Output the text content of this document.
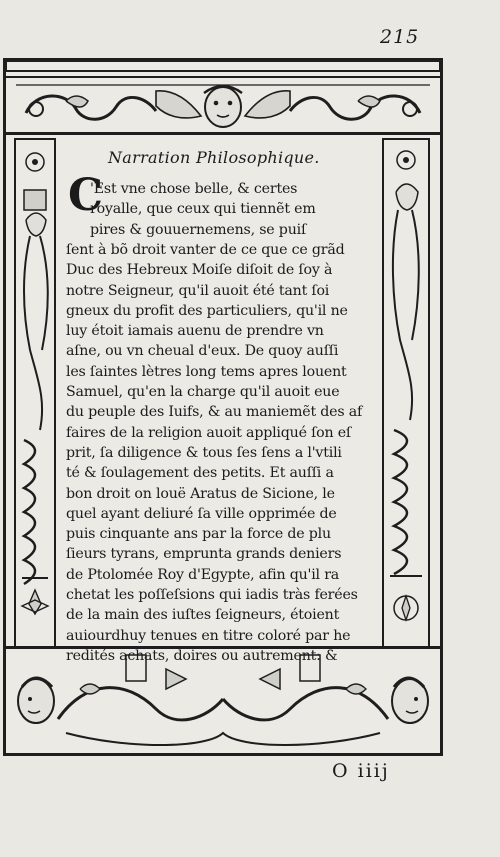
215
Narration Philosophique.
C
'Est vne chose belle, & certes
royalle, que ceux qui tiennẽt em
pires & gouuernemens, se puiſ
ſent à bõ droit vanter de ce que ce grãd
Duc des Hebreux Moiſe diſoit de ſoy à
notre Seigneur, qu'il auoit été tant ſoi
gneux du profit des particuliers, qu'il ne
luy étoit iamais auenu de prendre vn
aſne, ou vn cheual d'eux. De quoy auſſi
les ſaintes lètres long tems apres louent
Samuel, qu'en la charge qu'il auoit eue
du peuple des Iuifs, & au maniemẽt des af
faires de la religion auoit appliqué ſon eſ
prit, ſa diligence & tous ſes ſens a l'vtili
té & ſoulagement des petits. Et auſſi a
bon droit on louë Aratus de Sicione, le
quel ayant deliuré ſa ville opprimée de
puis cinquante ans par la force de plu
ſieurs tyrans, emprunta grands deniers
de Ptolomée Roy d'Egypte, afin qu'il ra
chetat les poſſeſsions qui iadis tràs ferées
de la main des iuſtes ſeigneurs, étoient
auiourdhuy tenues en titre coloré par he
redités achats, doires ou autrement: &
O iiij
